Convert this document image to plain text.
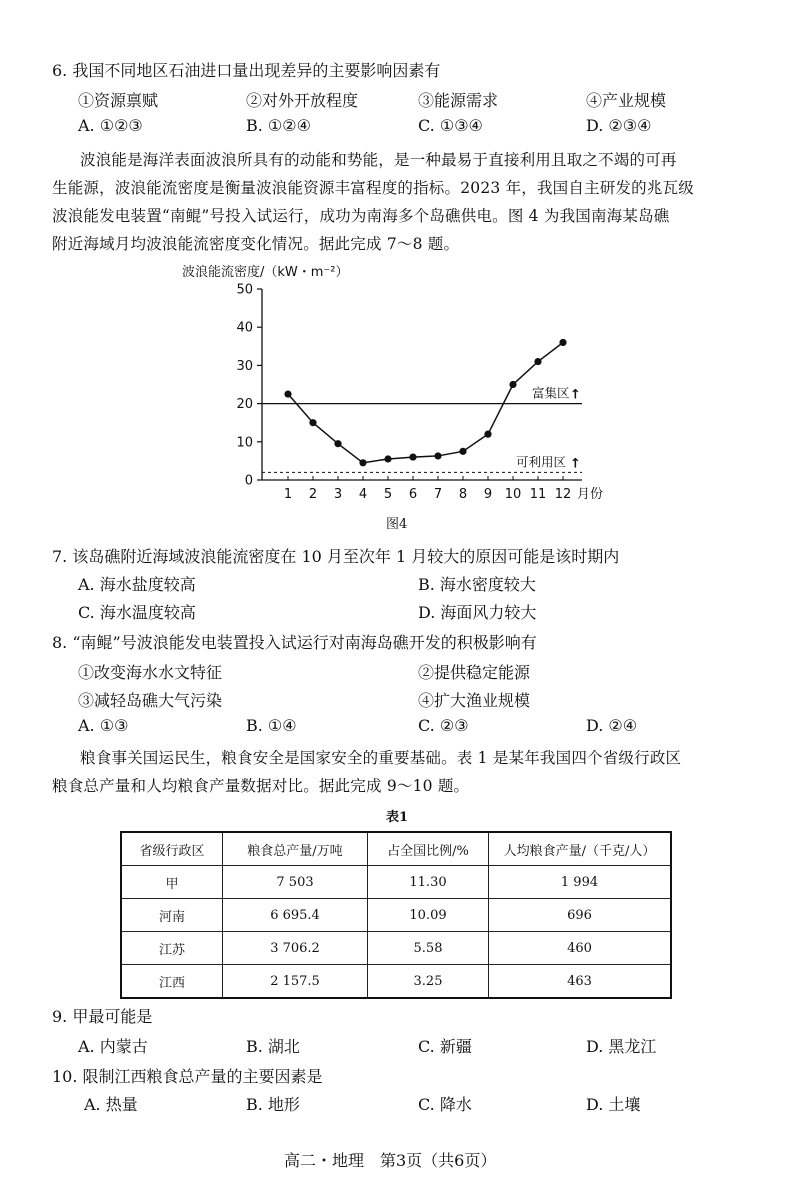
6. 我国不同地区石油进口量出现差异的主要影响因素有
①资源禀赋	②对外开放程度	③能源需求	④产业规模
A. ①②③	B. ①②④	C. ①③④	D. ②③④
波浪能是海洋表面波浪所具有的动能和势能，是一种最易于直接利用且取之不竭的可再
生能源，波浪能流密度是衡量波浪能资源丰富程度的指标。2023 年，我国自主研发的兆瓦级
波浪能发电装置“南鲲”号投入试运行，成功为南海多个岛礁供电。图 4 为我国南海某岛礁
附近海域月均波浪能流密度变化情况。据此完成 7～8 题。
波浪能流密度/（kW・m⁻²）
0
10
20
30
40
50
1 2 3 4 5 6 7 8 9 10 11 12
富集区 ↑
可利用区 ↑
月份
图4
7. 该岛礁附近海域波浪能流密度在 10 月至次年 1 月较大的原因可能是该时期内
A. 海水盐度较高	B. 海水密度较大
C. 海水温度较高	D. 海面风力较大
8. “南鲲”号波浪能发电装置投入试运行对南海岛礁开发的积极影响有
①改变海水水文特征	②提供稳定能源
③减轻岛礁大气污染	④扩大渔业规模
A. ①③	B. ①④	C. ②③	D. ②④
粮食事关国运民生，粮食安全是国家安全的重要基础。表 1 是某年我国四个省级行政区
粮食总产量和人均粮食产量数据对比。据此完成 9～10 题。
表1
省级行政区	粮食总产量/万吨	占全国比例/%	人均粮食产量/（千克/人）
甲	7 503	11.30	1 994
河南	6 695.4	10.09	696
江苏	3 706.2	5.58	460
江西	2 157.5	3.25	463
9. 甲最可能是
A. 内蒙古	B. 湖北	C. 新疆	D. 黑龙江
10. 限制江西粮食总产量的主要因素是
A. 热量	B. 地形	C. 降水	D. 土壤
高二・地理　第3页（共6页）
